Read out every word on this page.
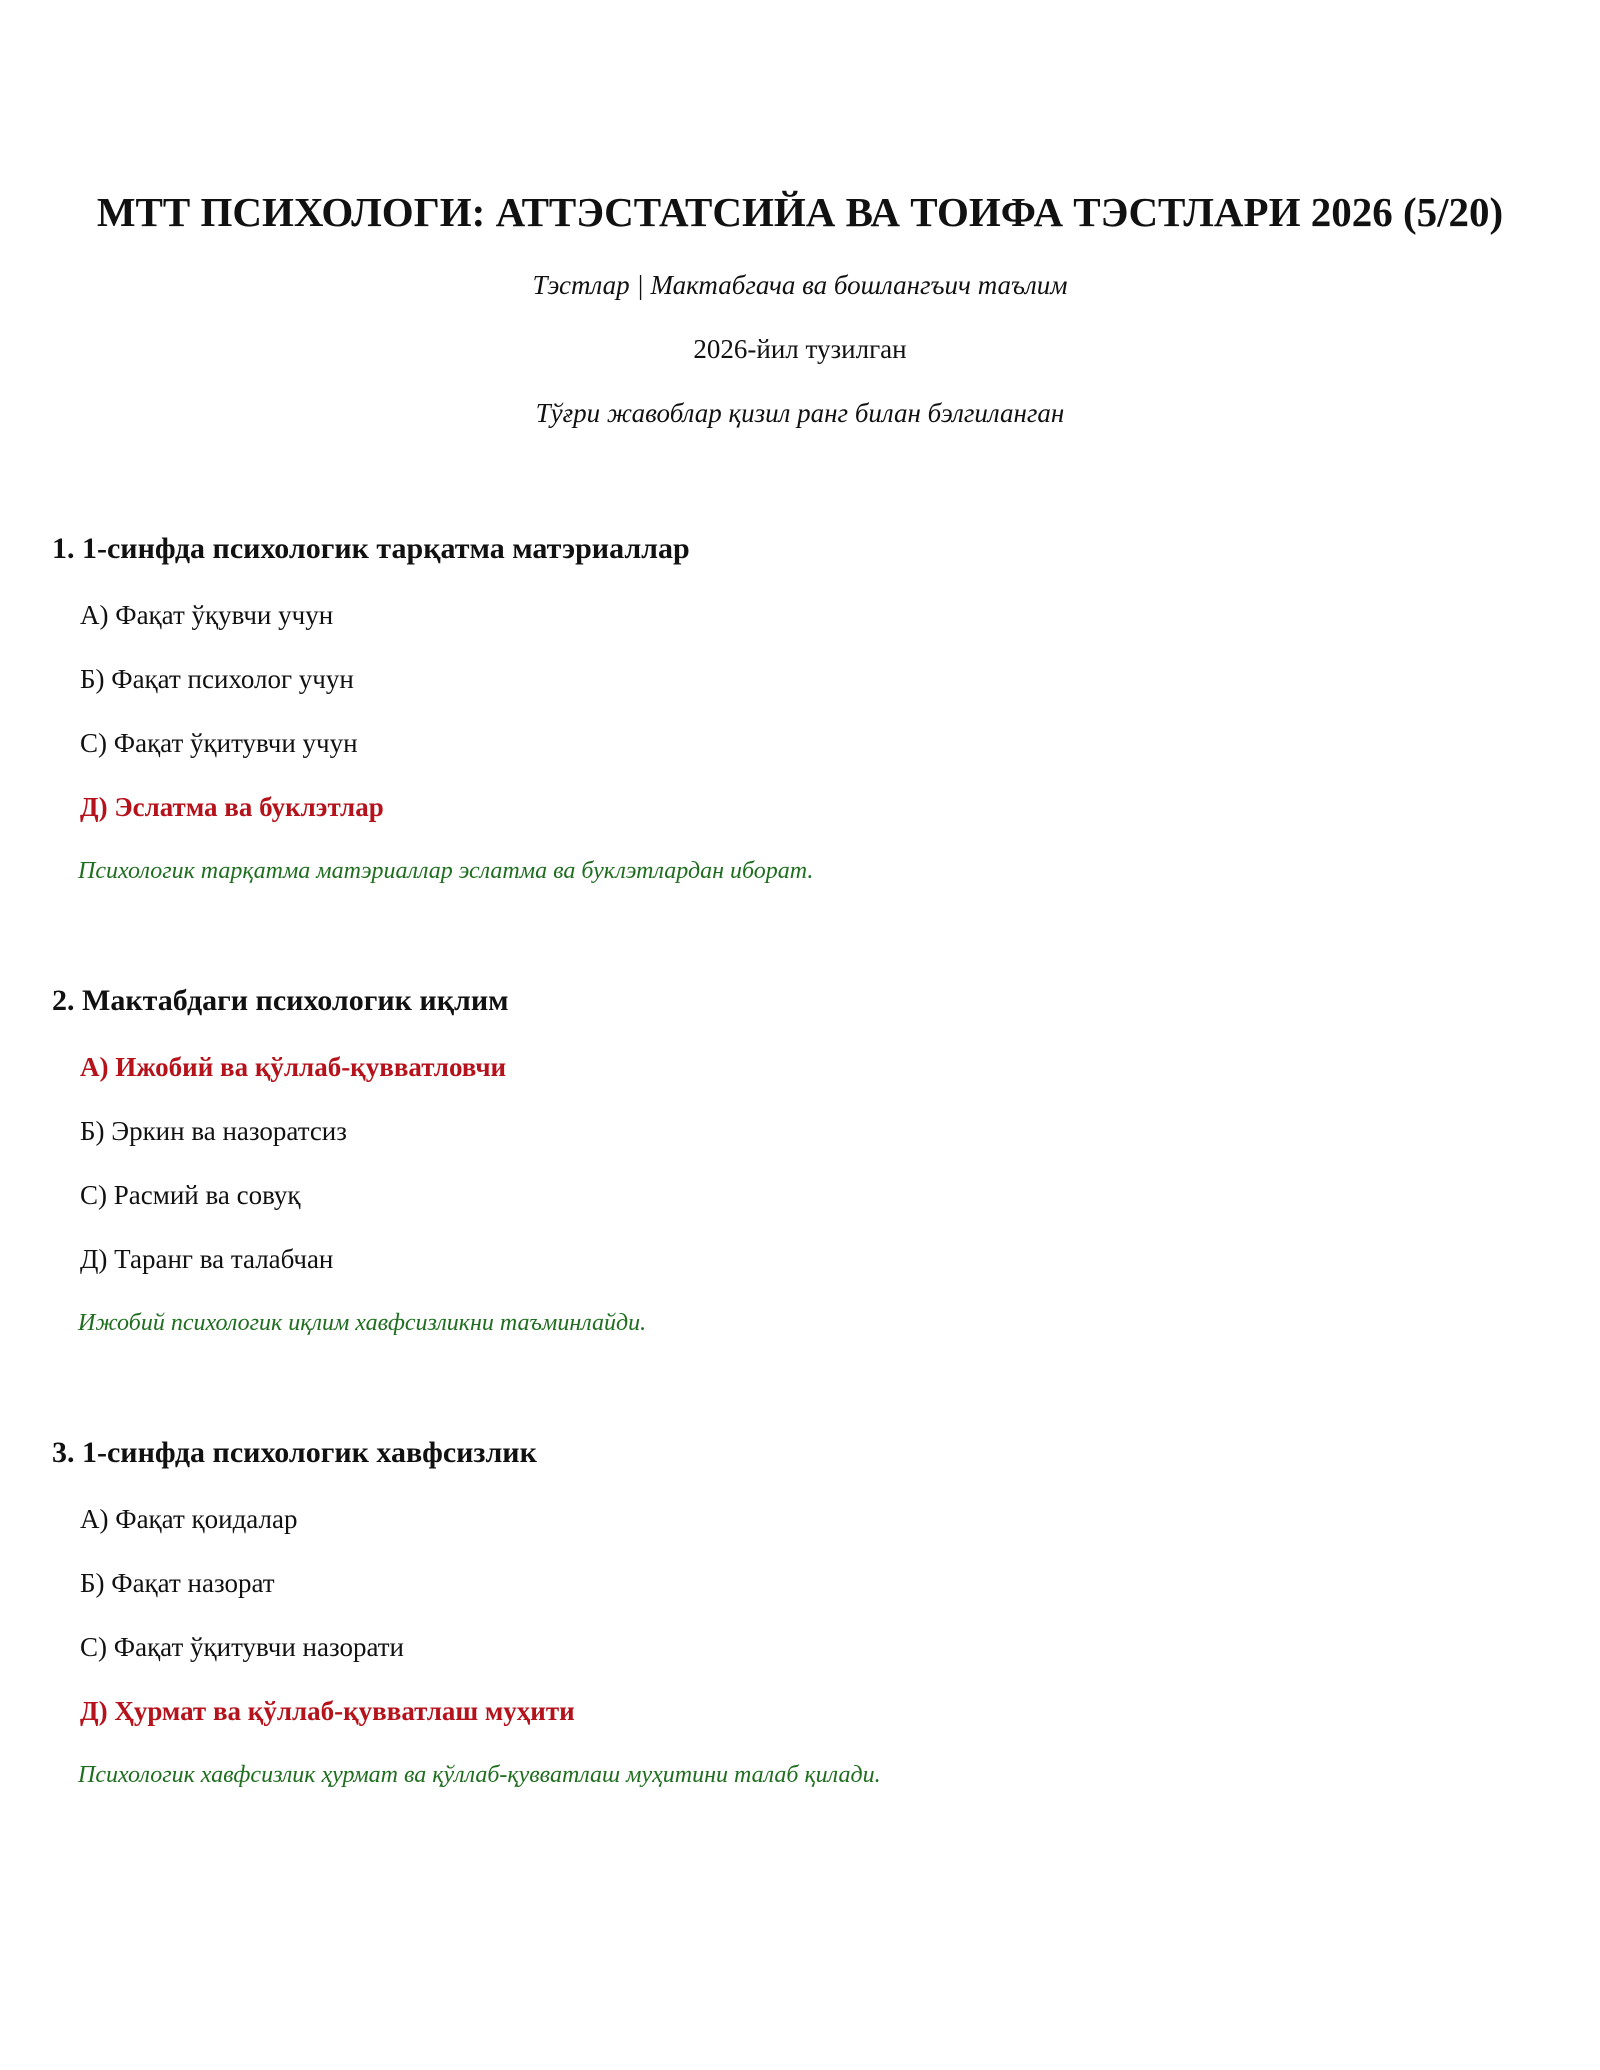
МТТ ПСИХОЛОГИ: АТТЭСТАТСИЙА ВА ТОИФА ТЭСТЛАРИ 2026 (5/20)

Тэстлар | Мактабгача ва бошлангъич таълим

2026-йил тузилган

Тўғри жавоблар қизил ранг билан бэлгиланган

1. 1-синфда психологик тарқатма матэриаллар
А) Фақат ўқувчи учун
Б) Фақат психолог учун
С) Фақат ўқитувчи учун
Д) Эслатма ва буклэтлар
Психологик тарқатма матэриаллар эслатма ва буклэтлардан иборат.
2. Мактабдаги психологик иқлим
А) Ижобий ва қўллаб-қувватловчи
Б) Эркин ва назоратсиз
С) Расмий ва совуқ
Д) Таранг ва талабчан
Ижобий психологик иқлим хавфсизликни таъминлайди.
3. 1-синфда психологик хавфсизлик
А) Фақат қоидалар
Б) Фақат назорат
С) Фақат ўқитувчи назорати
Д) Ҳурмат ва қўллаб-қувватлаш муҳити
Психологик хавфсизлик ҳурмат ва қўллаб-қувватлаш муҳитини талаб қилади.
